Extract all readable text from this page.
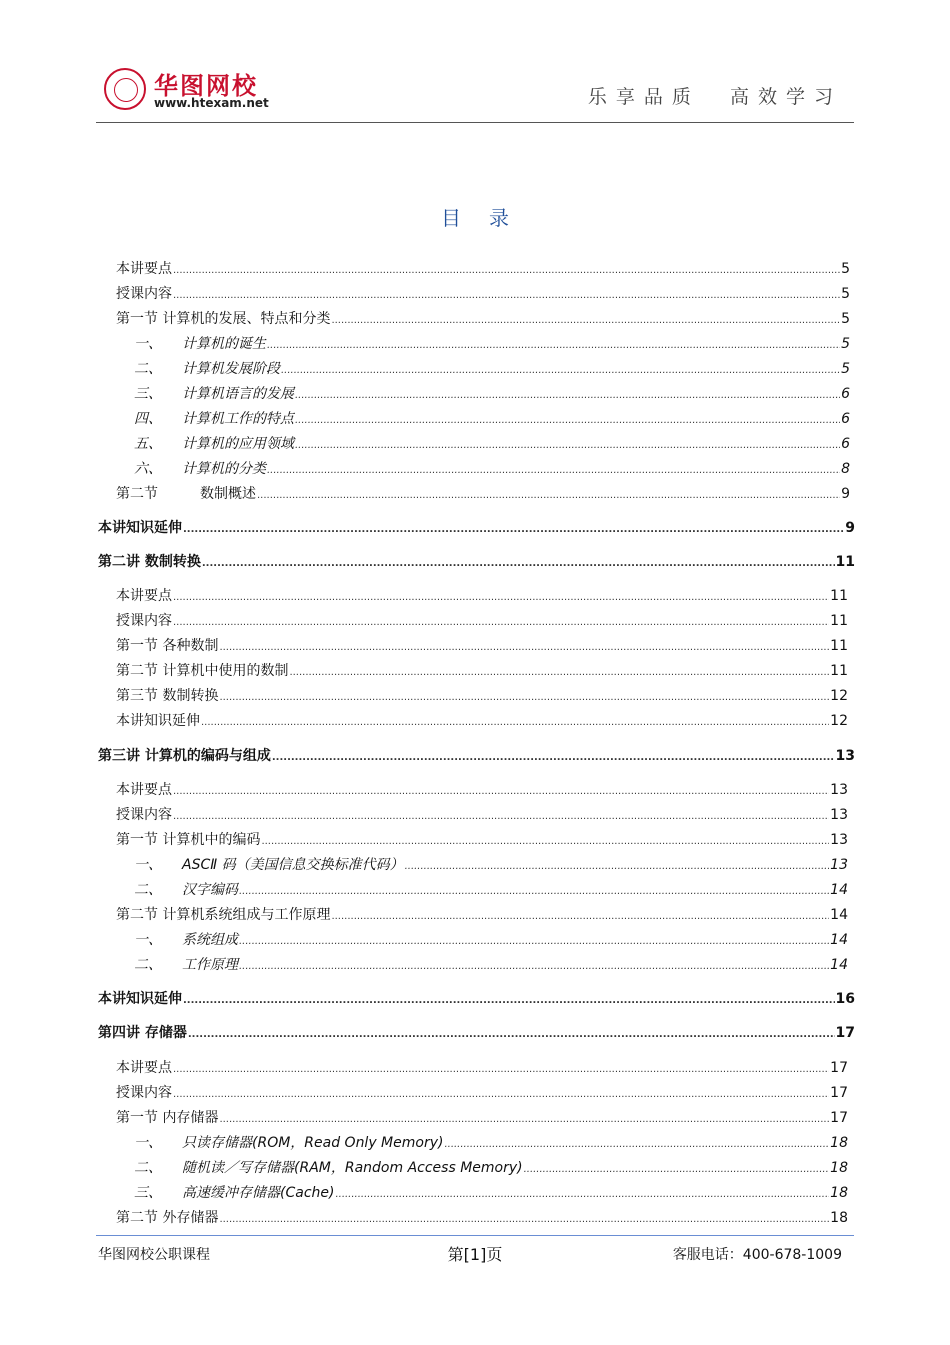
华图网校
www.htexam.net	乐享品质  高效学习
目录
本讲要点 .....	5
授课内容 .....	5
第一节 计算机的发展、特点和分类 .....	5
一、 计算机的诞生 .....	5
二、 计算机发展阶段 .....	5
三、 计算机语言的发展 .....	6
四、 计算机工作的特点 .....	6
五、 计算机的应用领域 .....	6
六、 计算机的分类 .....	8
第二节	数制概述 .....	9
本讲知识延伸 .....	9
第二讲 数制转换 .....	11
本讲要点 .....	11
授课内容 .....	11
第一节 各种数制 .....	11
第二节 计算机中使用的数制 .....	11
第三节 数制转换 .....	12
本讲知识延伸 .....	12
第三讲 计算机的编码与组成 .....	13
本讲要点 .....	13
授课内容 .....	13
第一节 计算机中的编码 .....	13
一、 ASCⅡ 码（美国信息交换标准代码） .....	13
二、 汉字编码 .....	14
第二节 计算机系统组成与工作原理 .....	14
一、 系统组成 .....	14
二、 工作原理 .....	14
本讲知识延伸 .....	16
第四讲 存储器 .....	17
本讲要点 .....	17
授课内容 .....	17
第一节 内存储器 .....	17
一、 只读存储器(ROM，Read Only Memory) .....	18
二、 随机读／写存储器(RAM，Random Access Memory) .....	18
三、 高速缓冲存储器(Cache) .....	18
第二节 外存储器 .....	18
华图网校公职课程	第[1]页	客服电话：400-678-1009
